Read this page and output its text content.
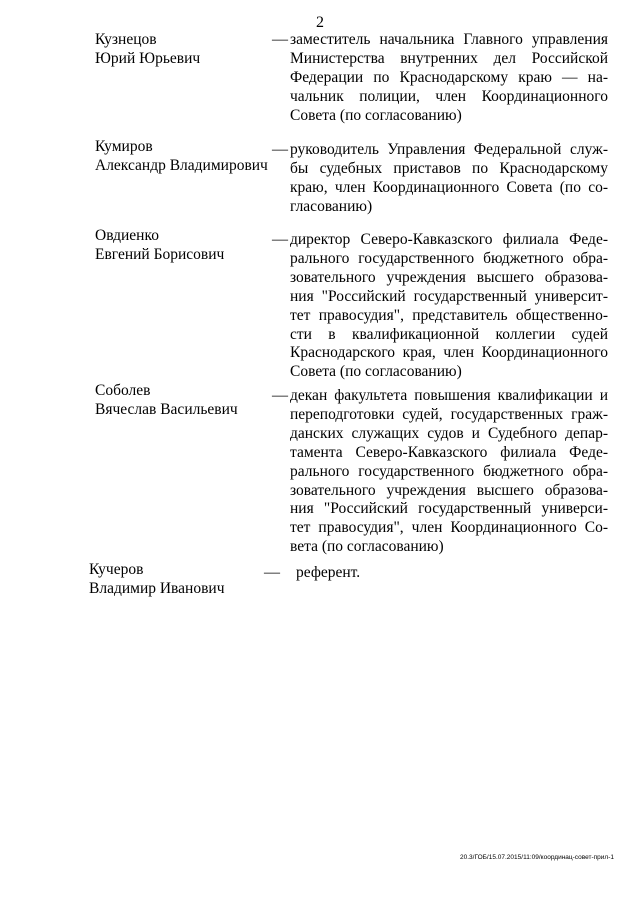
2
Кузнецов
Юрий Юрьевич
— заместитель начальника Главного управления
Министерства внутренних дел Российской
Федерации по Краснодарскому краю — на-
чальник полиции, член Координационного
Совета (по согласованию)
Кумиров
Александр Владимирович
— руководитель Управления Федеральной служ-
бы судебных приставов по Краснодарскому
краю, член Координационного Совета (по со-
гласованию)
Овдиенко
Евгений Борисович
— директор Северо-Кавказского филиала Феде-
рального государственного бюджетного обра-
зовательного учреждения высшего образова-
ния "Российский государственный университ-
тет правосудия", представитель общественно-
сти в квалификационной коллегии судей
Краснодарского края, член Координационного
Совета (по согласованию)
Соболев
Вячеслав Васильевич
— декан факультета повышения квалификации и
переподготовки судей, государственных граж-
данских служащих судов и Судебного депар-
тамента Северо-Кавказского филиала Феде-
рального государственного бюджетного обра-
зовательного учреждения высшего образова-
ния "Российский государственный универси-
тет правосудия", член Координационного Со-
вета (по согласованию)
Кучеров
Владимир Иванович
— референт.
20.3/ГОБ/15.07.2015/11:09/координац-совет-прил-1
